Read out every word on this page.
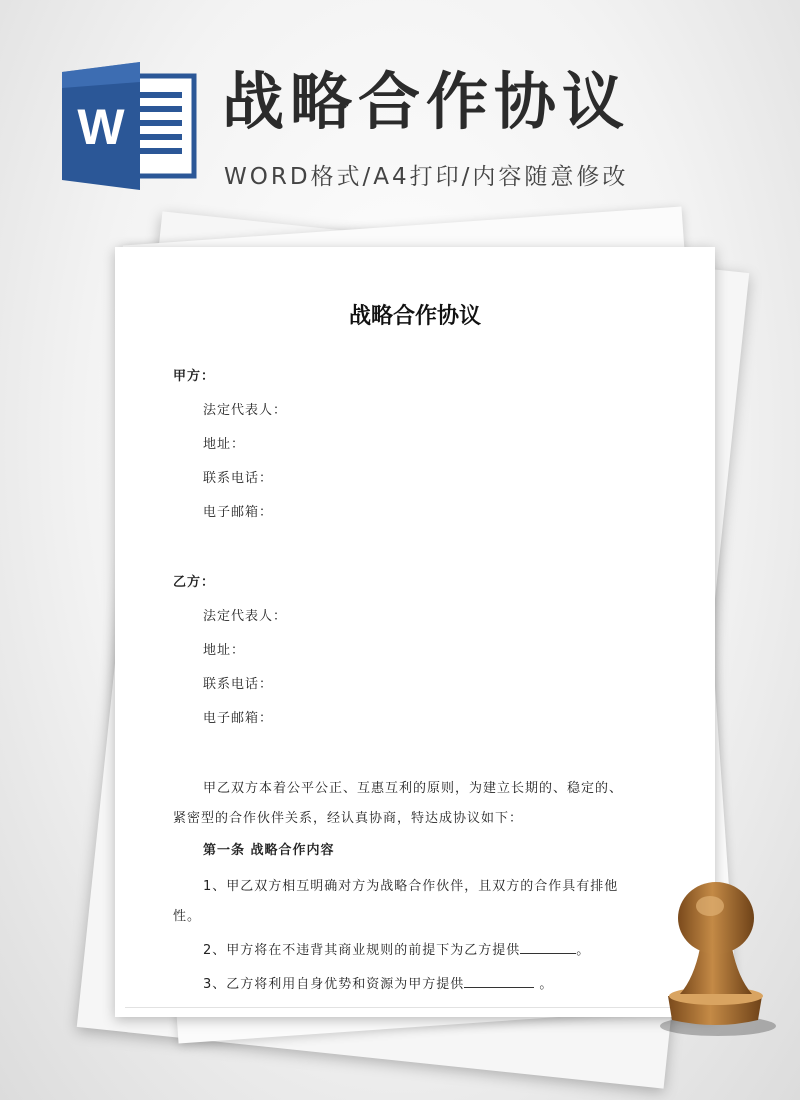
W 战略合作协议
WORD格式/A4打印/内容随意修改
战略合作协议
甲方：
法定代表人：
地址：
联系电话：
电子邮箱：
乙方：
法定代表人：
地址：
联系电话：
电子邮箱：
甲乙双方本着公平公正、互惠互利的原则，为建立长期的、稳定的、
紧密型的合作伙伴关系，经认真协商，特达成协议如下：
第一条 战略合作内容
1、甲乙双方相互明确对方为战略合作伙伴，且双方的合作具有排他
性。
2、甲方将在不违背其商业规则的前提下为乙方提供	。
3、乙方将利用自身优势和资源为甲方提供	。
